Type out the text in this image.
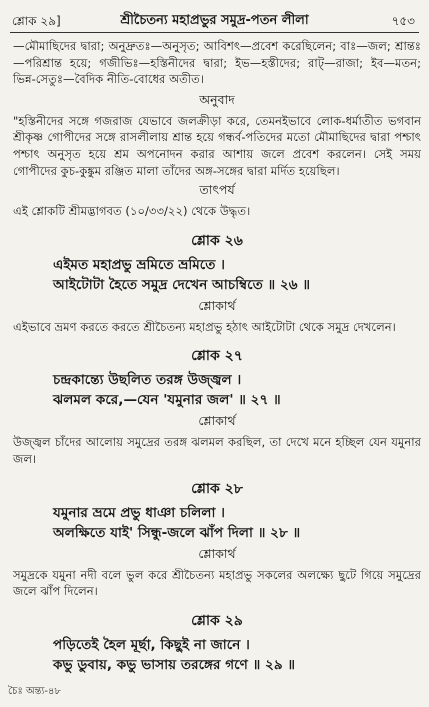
শ্লোক ২৯]	শ্রীচৈতন্য মহাপ্রভুর সমুদ্র-পতন লীলা	৭৫৩

—মৌমাছিদের দ্বারা; অনুদ্রুতঃ—অনুসৃত; আবিশৎ—প্রবেশ করেছিলেন; বাঃ—জল; শ্রান্তঃ—পরিশ্রান্ত হয়ে; গজীভিঃ—হস্তিনীদের দ্বারা; ইভ—হস্তীদের; রাট্—রাজা; ইব—মতন; ভিন্ন-সেতুঃ—বৈদিক নীতি-বোধের অতীত।

অনুবাদ

"হস্তিনীদের সঙ্গে গজরাজ যেভাবে জলক্রীড়া করে, তেমনইভাবে লোক-ধর্মাতীত ভগবান শ্রীকৃষ্ণ গোপীদের সঙ্গে রাসলীলায় শ্রান্ত হয়ে গন্ধর্ব-পতিদের মতো মৌমাছিদের দ্বারা পশ্চাৎ পশ্চাৎ অনুসৃত হয়ে শ্রম অপনোদন করার আশায় জলে প্রবেশ করলেন। সেই সময় গোপীদের কুচ-কুঙ্কুম রঞ্জিত মালা তাঁদের অঙ্গ-সঙ্গের দ্বারা মর্দিত হয়েছিল।

তাৎপর্য

এই শ্লোকটি শ্রীমদ্ভাগবত (১০/৩৩/২২) থেকে উদ্ধৃত।

শ্লোক ২৬
এইমত মহাপ্রভু ভ্রমিতে ভ্রমিতে ।
আইটোটা হৈতে সমুদ্র দেখেন আচম্বিতে ॥ ২৬ ॥
শ্লোকার্থ

এইভাবে ভ্রমণ করতে করতে শ্রীচৈতন্য মহাপ্রভু হঠাৎ আইটোটা থেকে সমুদ্র দেখলেন।

শ্লোক ২৭
চন্দ্রকান্ত্যে উছলিত তরঙ্গ উজ্জ্বল ।
ঝলমল করে,—যেন 'যমুনার জল' ॥ ২৭ ॥
শ্লোকার্থ

উজ্জ্বল চাঁদের আলোয় সমুদ্রের তরঙ্গ ঝলমল করছিল, তা দেখে মনে হচ্ছিল যেন যমুনার জল।

শ্লোক ২৮
যমুনার ভ্রমে প্রভু ধাঞা চলিলা ।
অলক্ষিতে যাই' সিন্ধু-জলে ঝাঁপ দিলা ॥ ২৮ ॥
শ্লোকার্থ

সমুদ্রকে যমুনা নদী বলে ভুল করে শ্রীচৈতন্য মহাপ্রভু সকলের অলক্ষ্যে ছুটে গিয়ে সমুদ্রের জলে ঝাঁপ দিলেন।

শ্লোক ২৯
পড়িতেই হৈল মূর্ছা, কিছুই না জানে ।
কভু ডুবায়, কভু ভাসায় তরঙ্গের গণে ॥ ২৯ ॥
চৈঃ অন্ত্য-৪৮
